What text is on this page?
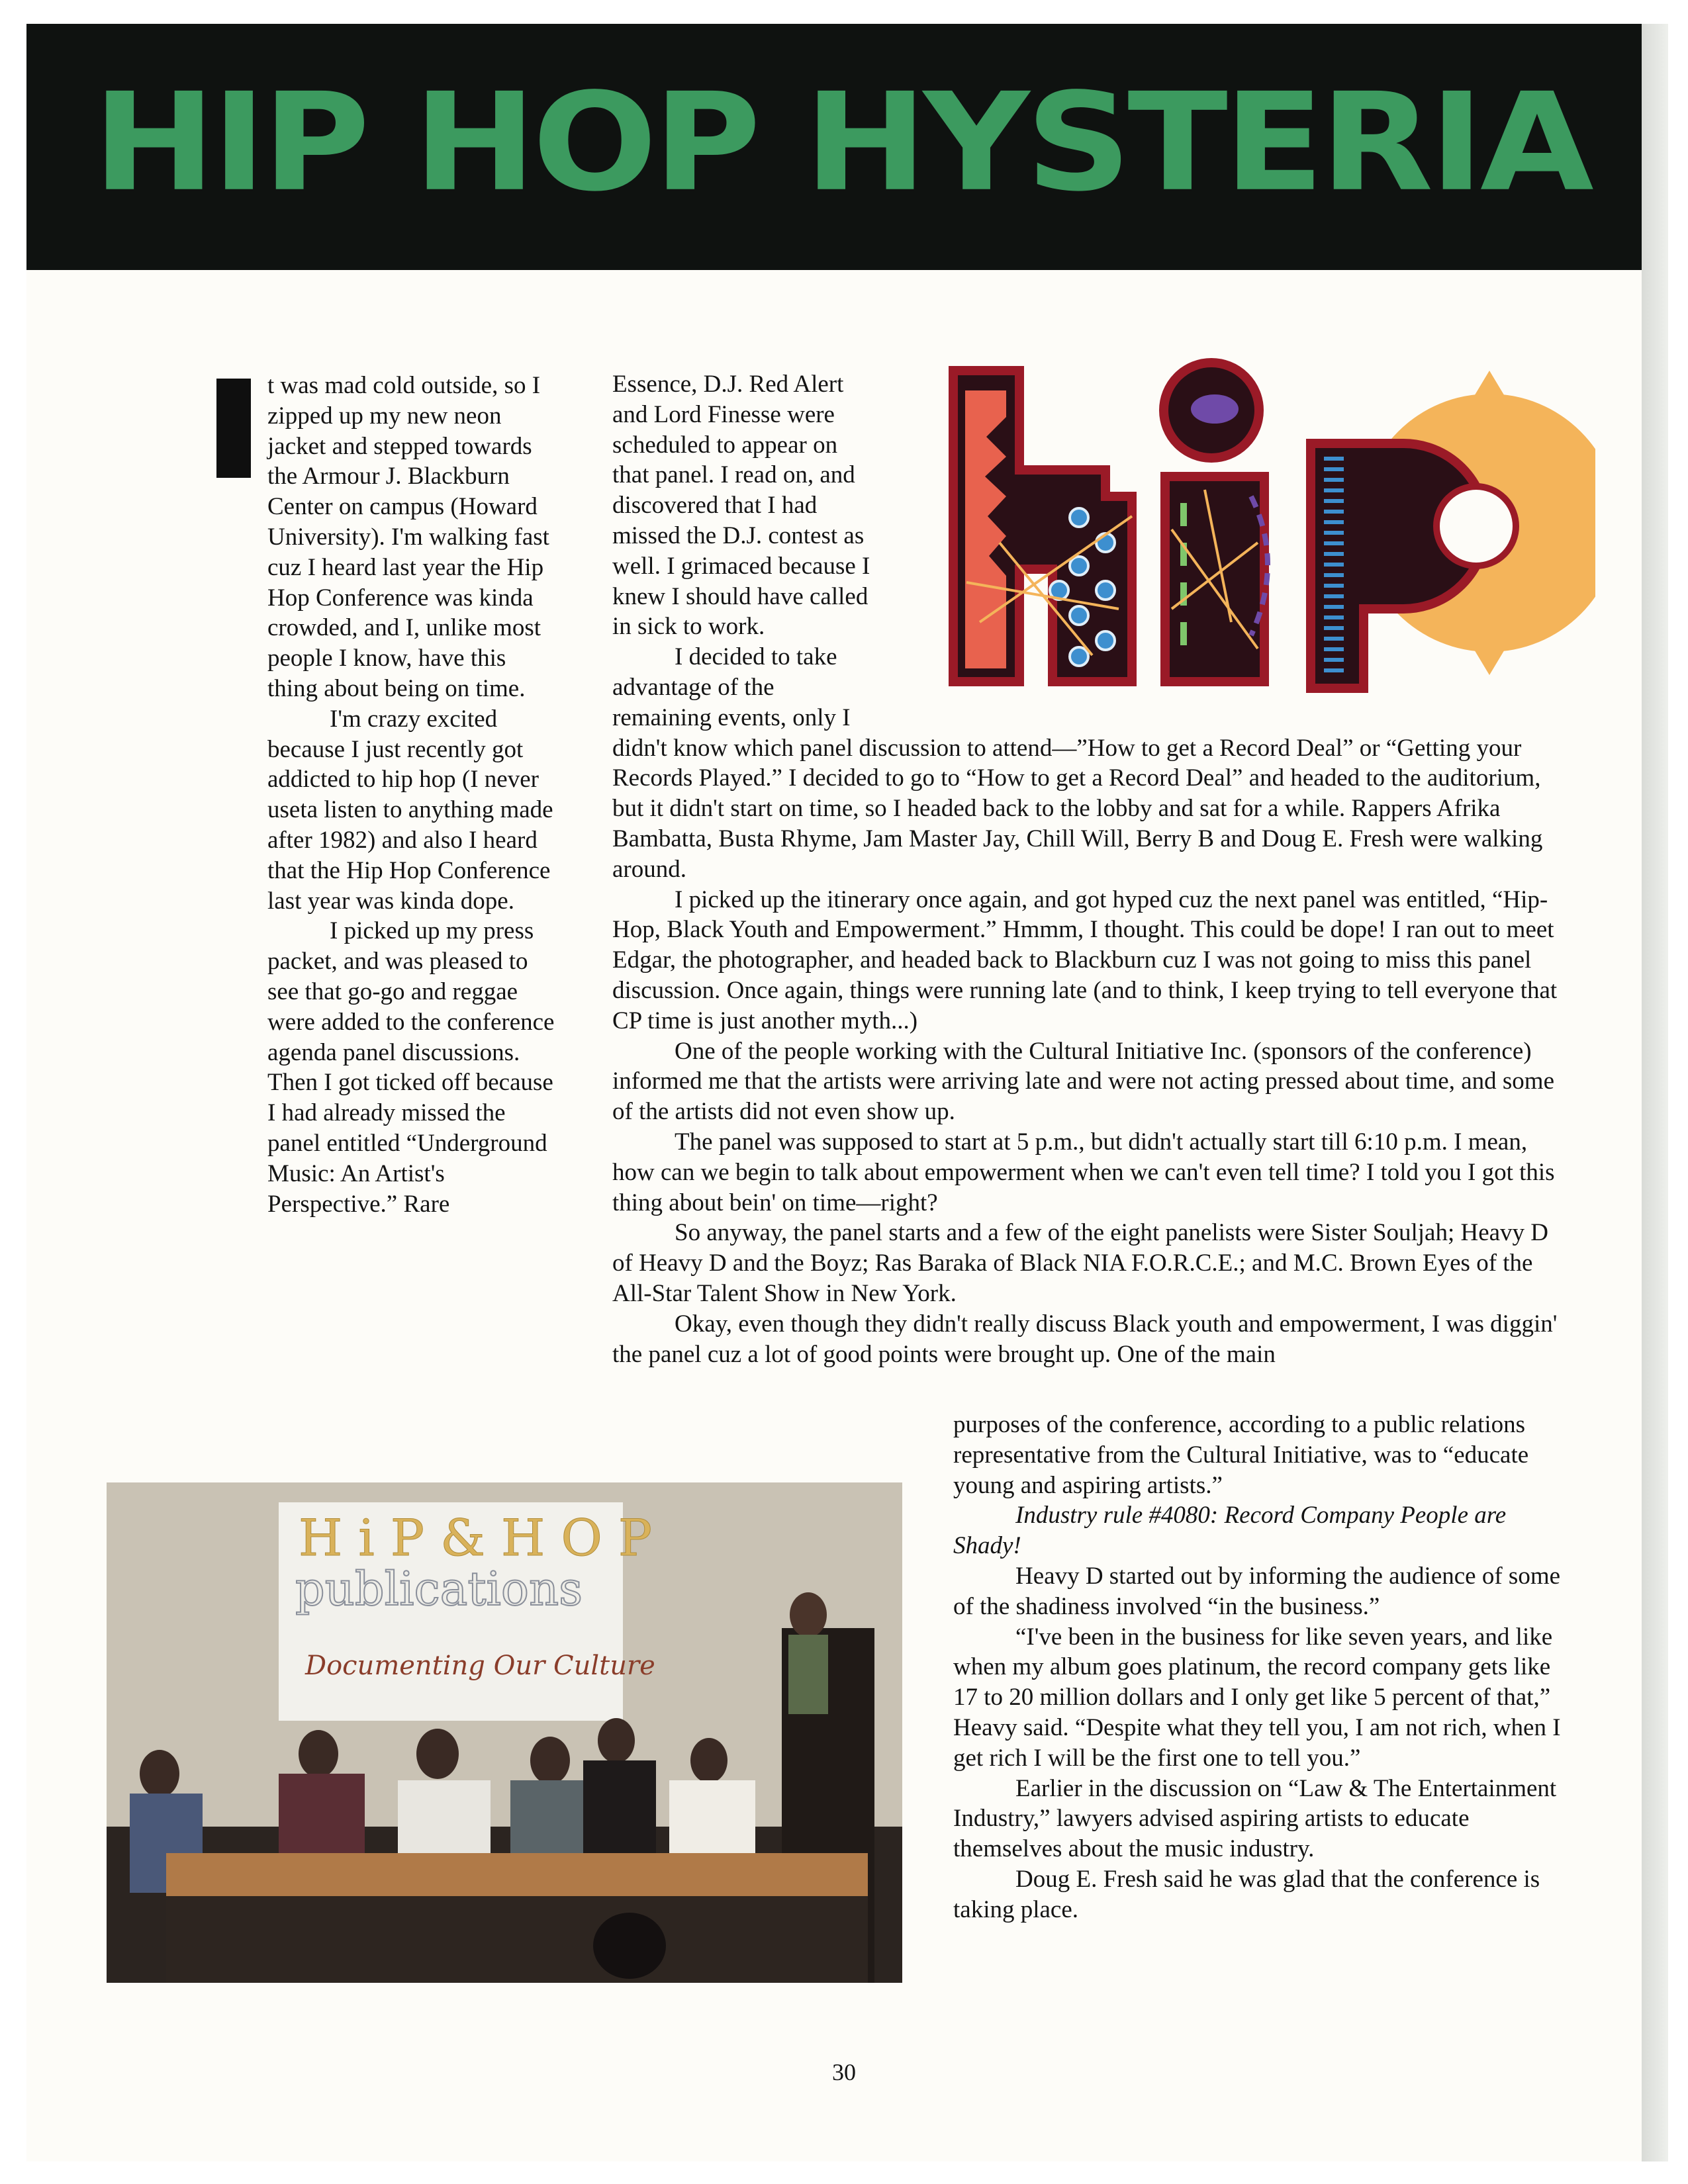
HIP HOP HYSTERIA

t was mad cold outside, so I zipped up my new neon jacket and stepped towards the Armour J. Blackburn Center on campus (Howard University). I'm walking fast cuz I heard last year the Hip Hop Conference was kinda crowded, and I, unlike most people I know, have this thing about being on time.

I'm crazy excited because I just recently got addicted to hip hop (I never useta listen to anything made after 1982) and also I heard that the Hip Hop Conference last year was kinda dope.

I picked up my press packet, and was pleased to see that go-go and reggae were added to the conference agenda panel discussions. Then I got ticked off because I had already missed the panel entitled “Underground Music: An Artist's Perspective.” Rare

Essence, D.J. Red Alert and Lord Finesse were scheduled to appear on that panel. I read on, and discovered that I had missed the D.J. contest as well. I grimaced because I knew I should have called in sick to work.

I decided to take advantage of the remaining events, only I didn't know which panel discussion to attend—”How to get a Record Deal” or “Getting your Records Played.” I decided to go to “How to get a Record Deal” and headed to the auditorium, but it didn't start on time, so I headed back to the lobby and sat for a while. Rappers Afrika Bambatta, Busta Rhyme, Jam Master Jay, Chill Will, Berry B and Doug E. Fresh were walking around.

I picked up the itinerary once again, and got hyped cuz the next panel was entitled, “Hip-Hop, Black Youth and Empowerment.” Hmmm, I thought. This could be dope! I ran out to meet Edgar, the photographer, and headed back to Blackburn cuz I was not going to miss this panel discussion. Once again, things were running late (and to think, I keep trying to tell everyone that CP time is just another myth...)

One of the people working with the Cultural Initiative Inc. (sponsors of the conference) informed me that the artists were arriving late and were not acting pressed about time, and some of the artists did not even show up.

The panel was supposed to start at 5 p.m., but didn't actually start till 6:10 p.m. I mean, how can we begin to talk about empowerment when we can't even tell time? I told you I got this thing about bein' on time—right?

So anyway, the panel starts and a few of the eight panelists were Sister Souljah; Heavy D of Heavy D and the Boyz; Ras Baraka of Black NIA F.O.R.C.E.; and M.C. Brown Eyes of the All-Star Talent Show in New York.

Okay, even though they didn't really discuss Black youth and empowerment, I was diggin' the panel cuz a lot of good points were brought up. One of the main

purposes of the conference, according to a public relations representative from the Cultural Initiative, was to “educate young and aspiring artists.”

Industry rule #4080: Record Company People are Shady!

Heavy D started out by informing the audience of some of the shadiness involved “in the business.”

“I've been in the business for like seven years, and like when my album goes platinum, the record company gets like 17 to 20 million dollars and I only get like 5 percent of that,” Heavy said. “Despite what they tell you, I am not rich, when I get rich I will be the first one to tell you.”

Earlier in the discussion on “Law & The Entertainment Industry,” lawyers advised aspiring artists to educate themselves about the music industry.

Doug E. Fresh said he was glad that the conference is taking place.

H i P & H O P
publications
Documenting Our Culture
30
